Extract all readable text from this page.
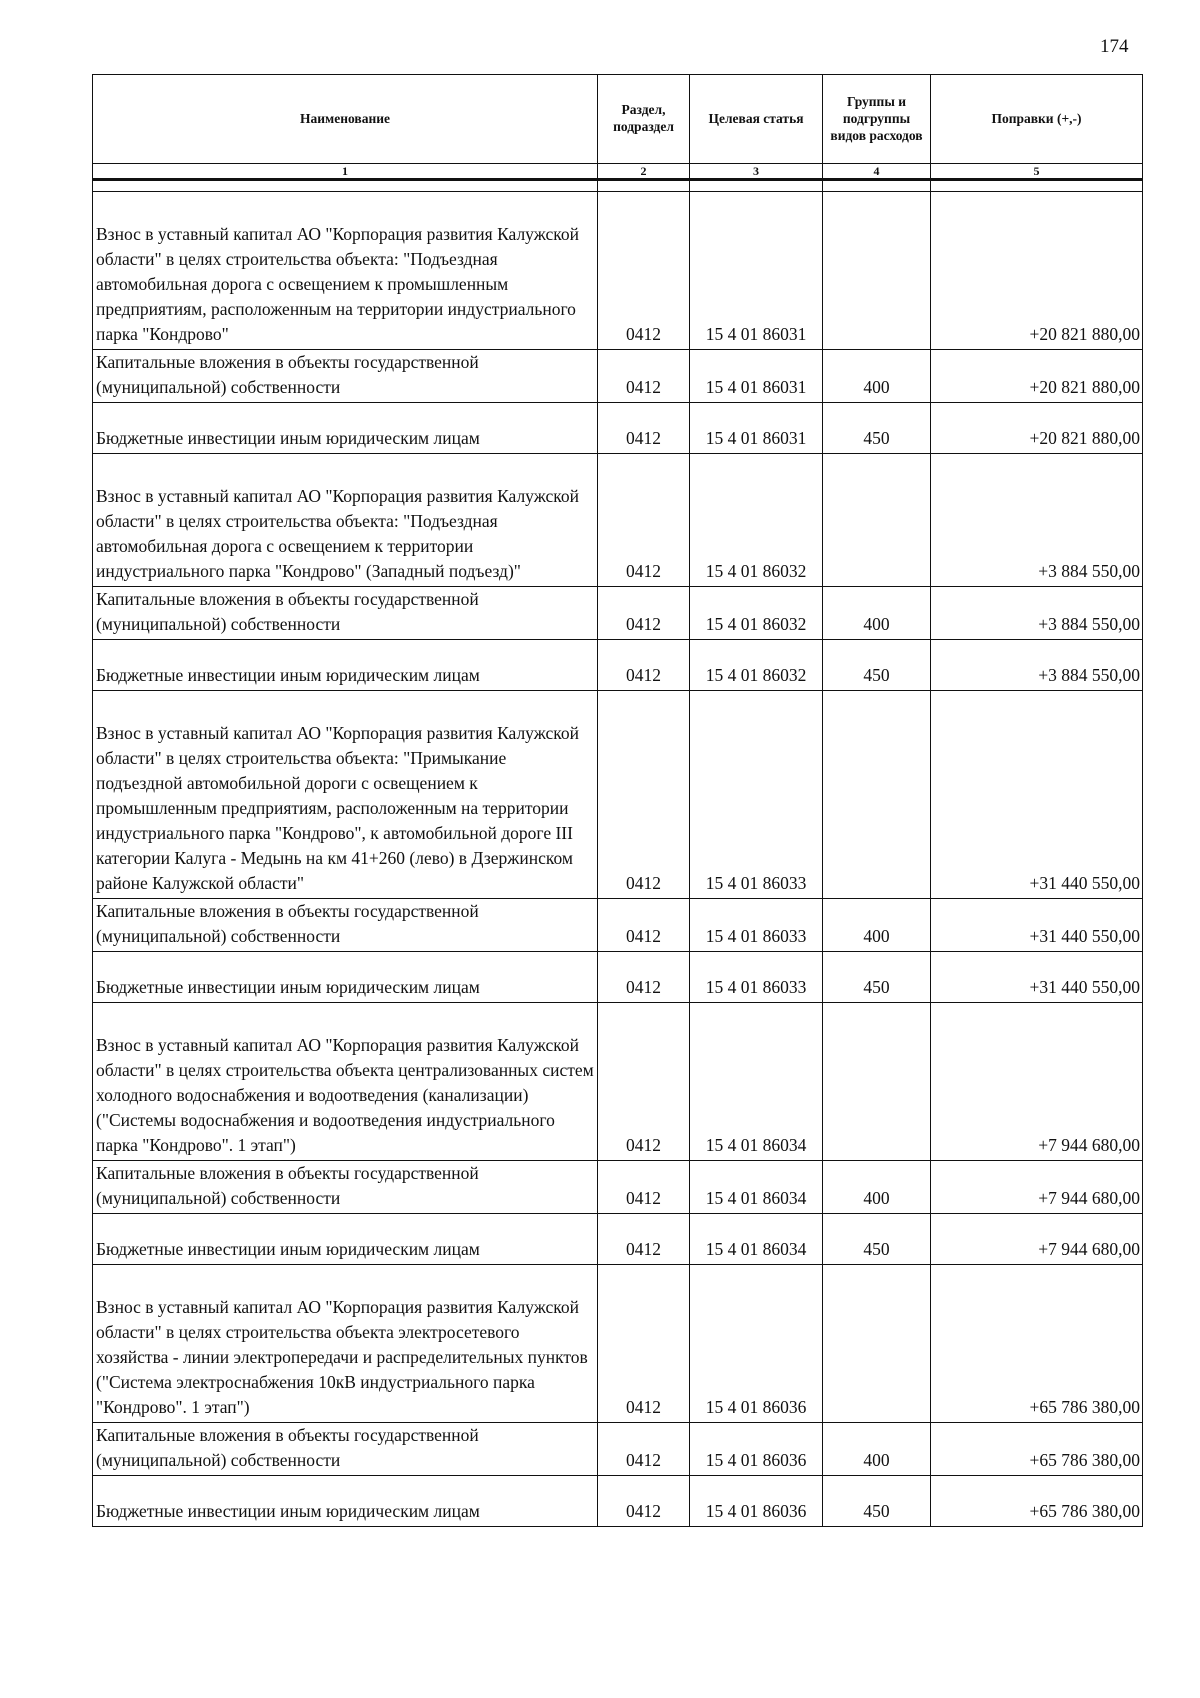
174
Наименование	Раздел, подраздел	Целевая статья	Группы и подгруппы видов расходов	Поправки (+,-)
1	2	3	4	5

Взнос в уставный капитал АО "Корпорация развития Калужской области" в целях строительства объекта: "Подъездная автомобильная дорога с освещением к промышленным предприятиям, расположенным на территории индустриального парка "Кондрово"	0412	15 4 01 86031		+20 821 880,00
Капитальные вложения в объекты государственной (муниципальной) собственности	0412	15 4 01 86031	400	+20 821 880,00
Бюджетные инвестиции иным юридическим лицам	0412	15 4 01 86031	450	+20 821 880,00
Взнос в уставный капитал АО "Корпорация развития Калужской области" в целях строительства объекта: "Подъездная автомобильная дорога с освещением к территории индустриального парка "Кондрово" (Западный подъезд)"	0412	15 4 01 86032		+3 884 550,00
Капитальные вложения в объекты государственной (муниципальной) собственности	0412	15 4 01 86032	400	+3 884 550,00
Бюджетные инвестиции иным юридическим лицам	0412	15 4 01 86032	450	+3 884 550,00
Взнос в уставный капитал АО "Корпорация развития Калужской области" в целях строительства объекта: "Примыкание подъездной автомобильной дороги с освещением к промышленным предприятиям, расположенным на территории индустриального парка "Кондрово", к автомобильной дороге III категории Калуга - Медынь на км 41+260 (лево) в Дзержинском районе Калужской области"	0412	15 4 01 86033		+31 440 550,00
Капитальные вложения в объекты государственной (муниципальной) собственности	0412	15 4 01 86033	400	+31 440 550,00
Бюджетные инвестиции иным юридическим лицам	0412	15 4 01 86033	450	+31 440 550,00
Взнос в уставный капитал АО "Корпорация развития Калужской области" в целях строительства объекта централизованных систем холодного водоснабжения и водоотведения (канализации) ("Системы водоснабжения и водоотведения индустриального парка "Кондрово". 1 этап")	0412	15 4 01 86034		+7 944 680,00
Капитальные вложения в объекты государственной (муниципальной) собственности	0412	15 4 01 86034	400	+7 944 680,00
Бюджетные инвестиции иным юридическим лицам	0412	15 4 01 86034	450	+7 944 680,00
Взнос в уставный капитал АО "Корпорация развития Калужской области" в целях строительства объекта электросетевого хозяйства - линии электропередачи и распределительных пунктов ("Система электроснабжения 10кВ индустриального парка "Кондрово". 1 этап")	0412	15 4 01 86036		+65 786 380,00
Капитальные вложения в объекты государственной (муниципальной) собственности	0412	15 4 01 86036	400	+65 786 380,00
Бюджетные инвестиции иным юридическим лицам	0412	15 4 01 86036	450	+65 786 380,00
